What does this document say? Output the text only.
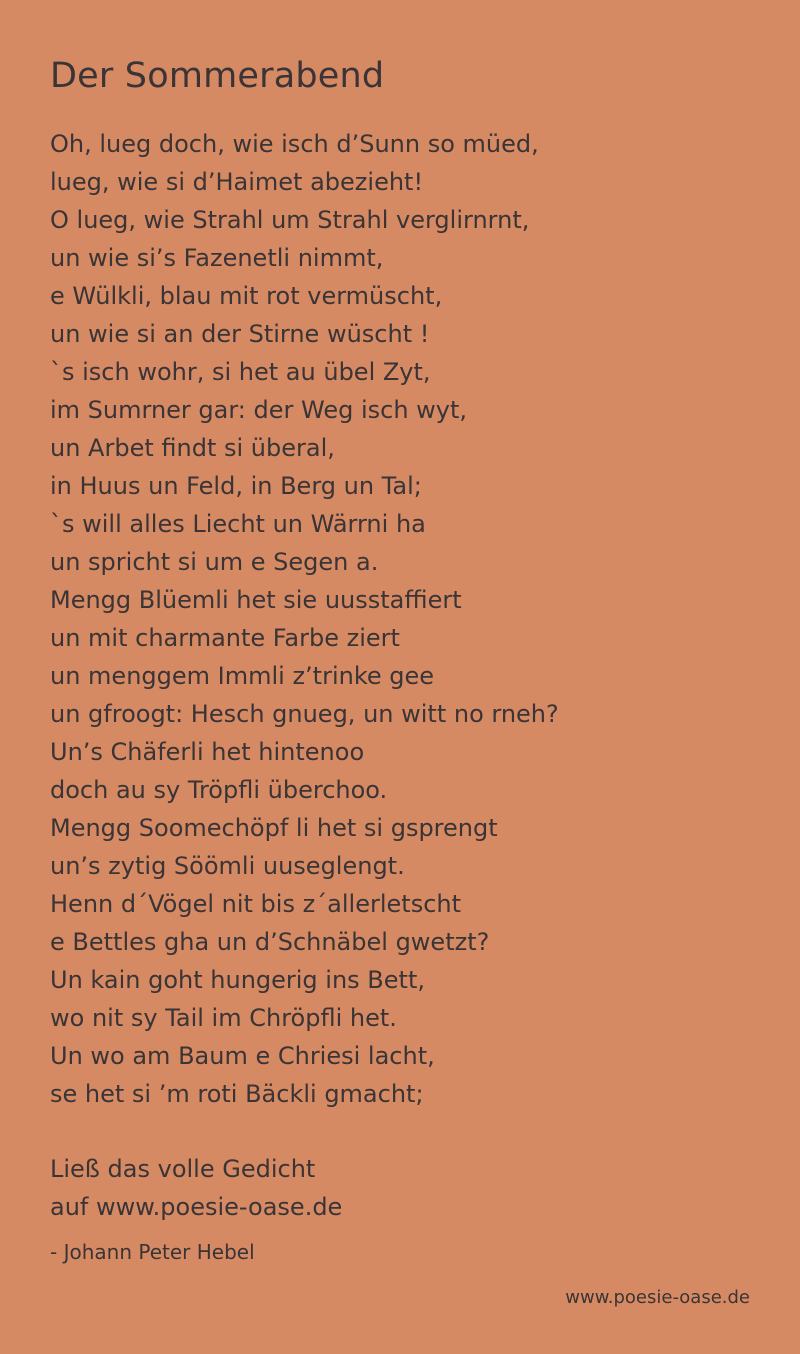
Der Sommerabend
Oh, lueg doch, wie isch d’Sunn so müed,
lueg, wie si d’Haimet abezieht!
O lueg, wie Strahl um Strahl verglirnrnt,
un wie si’s Fazenetli nimmt,
e Wülkli, blau mit rot vermüscht,
un wie si an der Stirne wüscht !
`s isch wohr, si het au übel Zyt,
im Sumrner gar: der Weg isch wyt,
un Arbet findt si überal,
in Huus un Feld, in Berg un Tal;
`s will alles Liecht un Wärrni ha
un spricht si um e Segen a.
Mengg Blüemli het sie uusstaffiert
un mit charmante Farbe ziert
un menggem Immli z’trinke gee
un gfroogt: Hesch gnueg, un witt no rneh?
Un’s Chäferli het hintenoo
doch au sy Tröpfli überchoo.
Mengg Soomechöpf li het si gsprengt
un’s zytig Söömli uuseglengt.
Henn d´Vögel nit bis z´allerletscht
e Bettles gha un d’Schnäbel gwetzt?
Un kain goht hungerig ins Bett,
wo nit sy Tail im Chröpfli het.
Un wo am Baum e Chriesi lacht,
se het si ’m roti Bäckli gmacht;
Ließ das volle Gedicht
auf www.poesie-oase.de
- Johann Peter Hebel
www.poesie-oase.de
